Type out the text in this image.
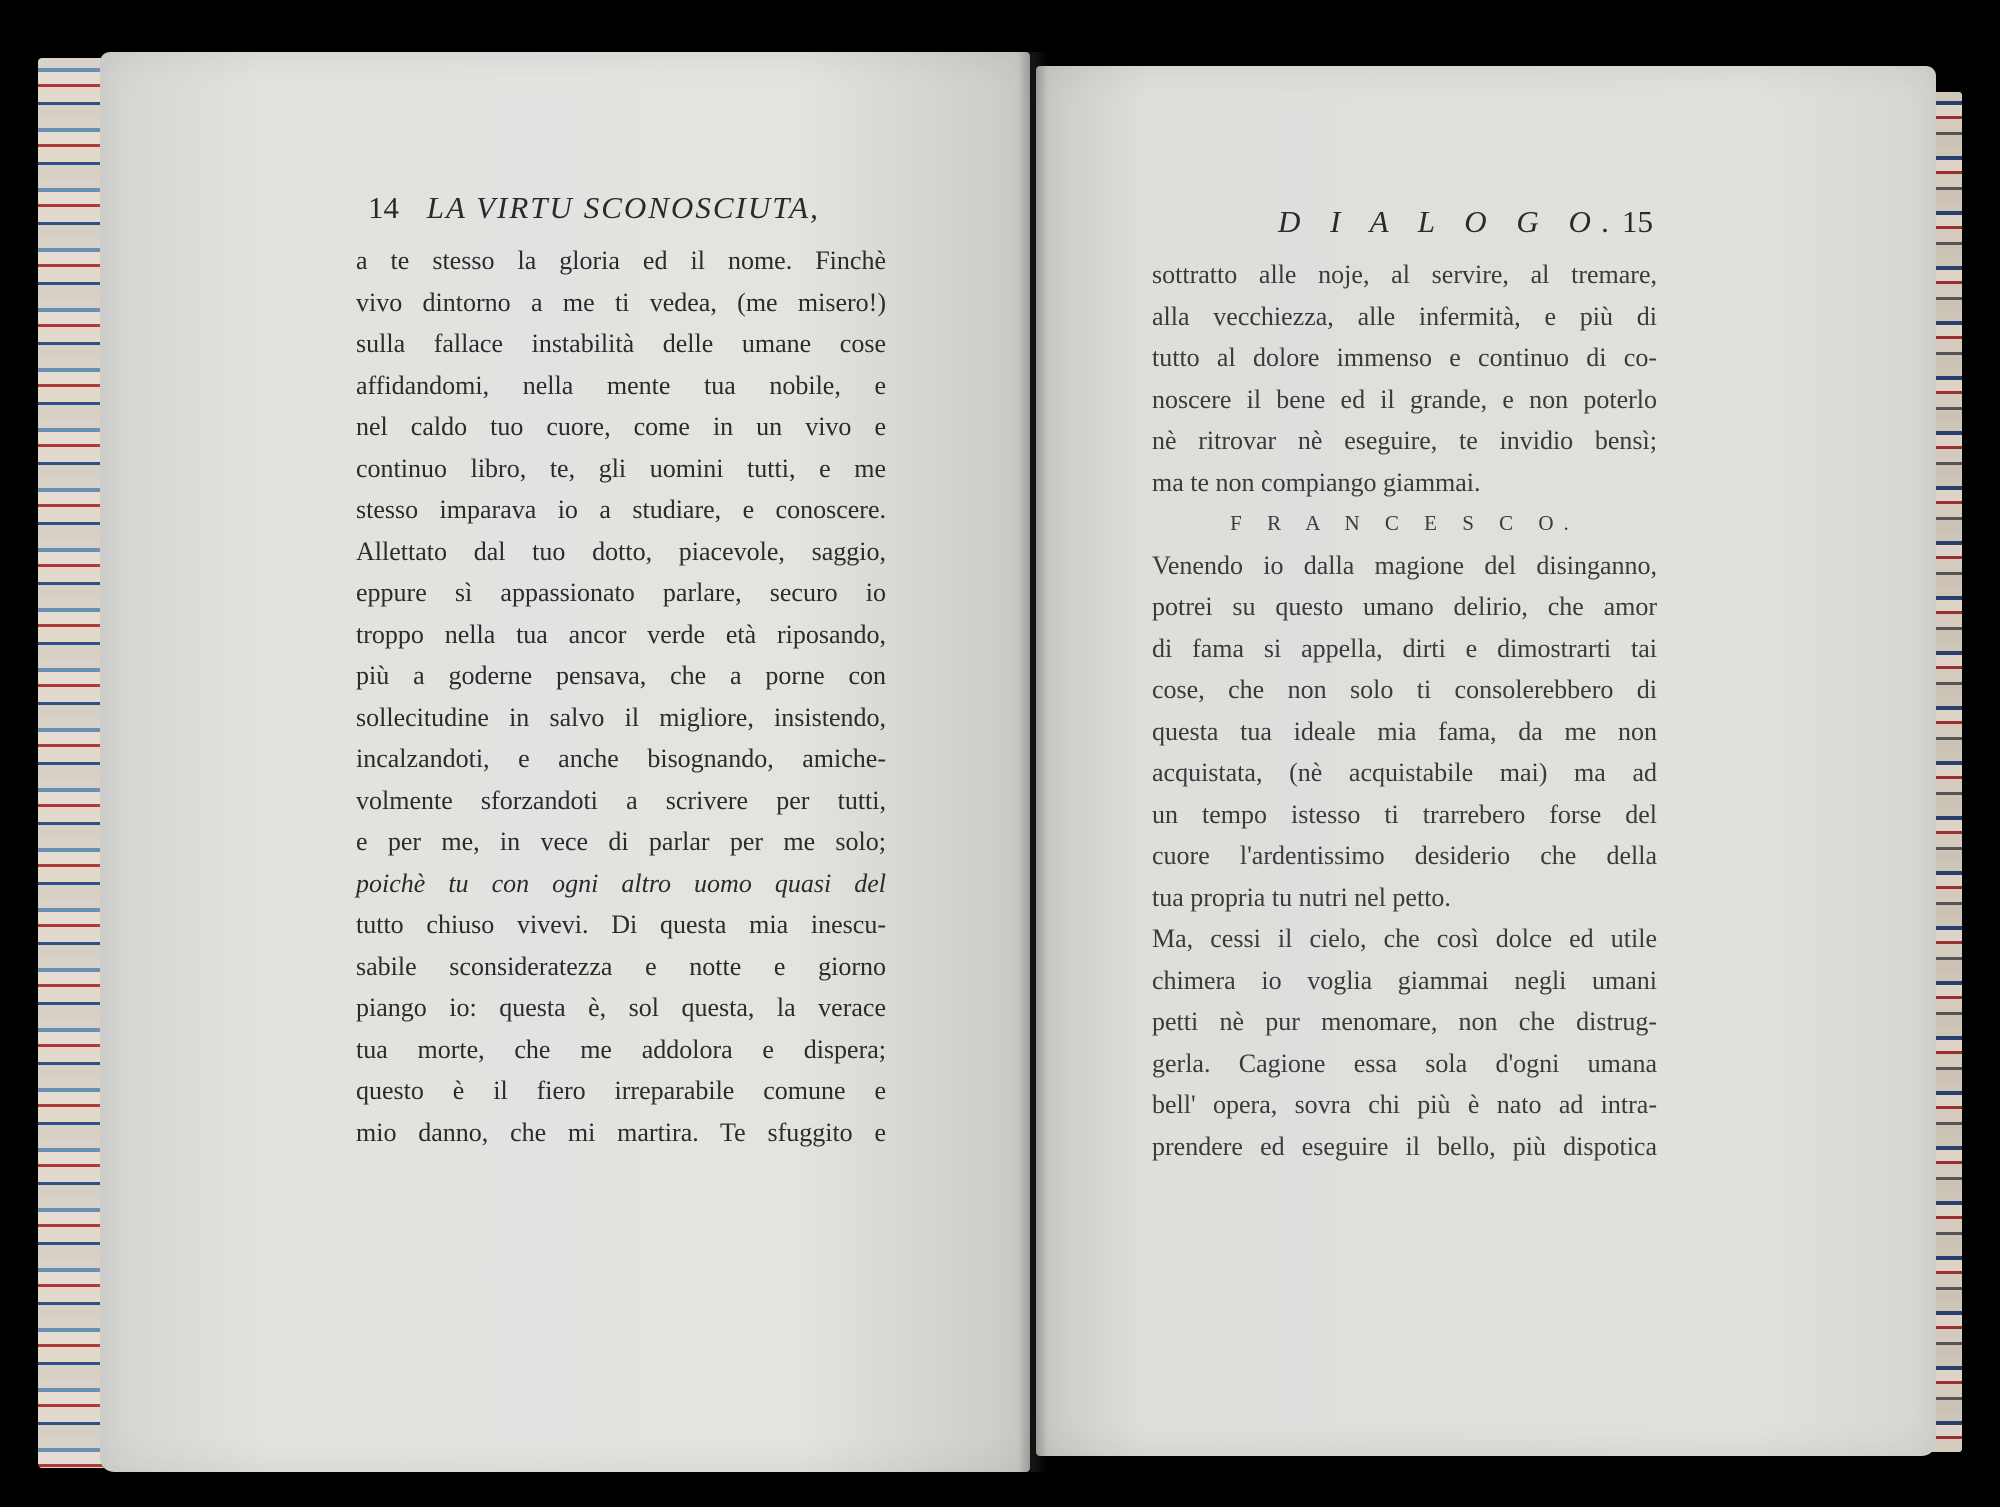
14 LA VIRTU SCONOSCIUTA,	D I A L O G O. 15
a te stesso la gloria ed il nome. Finchè
vivo dintorno a me ti vedea, (me misero!)
sulla fallace instabilità delle umane cose
affidandomi, nella mente tua nobile, e
nel caldo tuo cuore, come in un vivo e
continuo libro, te, gli uomini tutti, e me
stesso imparava io a studiare, e conoscere.
Allettato dal tuo dotto, piacevole, saggio,
eppure sì appassionato parlare, securo io
troppo nella tua ancor verde età riposando,
più a goderne pensava, che a porne con
sollecitudine in salvo il migliore, insistendo,
incalzandoti, e anche bisognando, amiche-
volmente sforzandoti a scrivere per tutti,
e per me, in vece di parlar per me solo;
poichè tu con ogni altro uomo quasi del
tutto chiuso vivevi. Di questa mia inescu-
sabile sconsideratezza e notte e giorno
piango io: questa è, sol questa, la verace
tua morte, che me addolora e dispera;
questo è il fiero irreparabile comune e
mio danno, che mi martira. Te sfuggito e
sottratto alle noje, al servire, al tremare,
alla vecchiezza, alle infermità, e più di
tutto al dolore immenso e continuo di co-
noscere il bene ed il grande, e non poterlo
nè ritrovar nè eseguire, te invidio bensì;
ma te non compiango giammai.
F R A N C E S C O.
Venendo io dalla magione del disinganno,
potrei su questo umano delirio, che amor
di fama si appella, dirti e dimostrarti tai
cose, che non solo ti consolerebbero di
questa tua ideale mia fama, da me non
acquistata, (nè acquistabile mai) ma ad
un tempo istesso ti trarrebero forse del
cuore l'ardentissimo desiderio che della
tua propria tu nutri nel petto.
Ma, cessi il cielo, che così dolce ed utile
chimera io voglia giammai negli umani
petti nè pur menomare, non che distrug-
gerla. Cagione essa sola d'ogni umana
bell' opera, sovra chi più è nato ad intra-
prendere ed eseguire il bello, più dispotica
